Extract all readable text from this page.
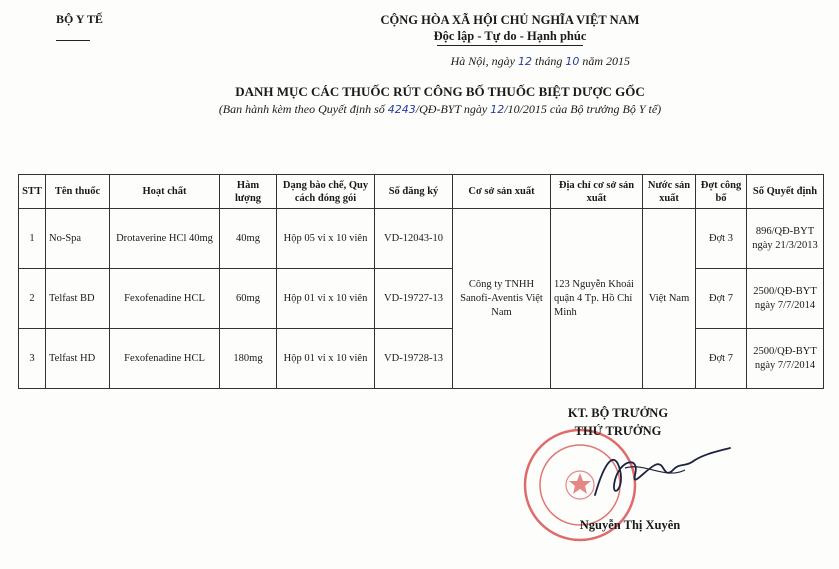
BỘ Y TẾ	CỘNG HÒA XÃ HỘI CHỦ NGHĨA VIỆT NAM
Độc lập - Tự do - Hạnh phúc
Hà Nội, ngày 12 tháng 10 năm 2015
DANH MỤC CÁC THUỐC RÚT CÔNG BỐ THUỐC BIỆT DƯỢC GỐC
(Ban hành kèm theo Quyết định số 4243/QĐ-BYT ngày 12/10/2015 của Bộ trưởng Bộ Y tế)
STT	Tên thuốc	Hoạt chất	Hàm lượng	Dạng bào chế, Quy cách đóng gói	Số đăng ký	Cơ sở sản xuất	Địa chỉ cơ sở sản xuất	Nước sản xuất	Đợt công bố	Số Quyết định
1	No-Spa	Drotaverine HCl 40mg	40mg	Hộp 05 vỉ x 10 viên	VD-12043-10	Công ty TNHH Sanofi-Aventis Việt Nam	123 Nguyễn Khoái quận 4 Tp. Hồ Chí Minh	Việt Nam	Đợt 3	896/QĐ-BYT ngày 21/3/2013
2	Telfast BD	Fexofenadine HCL	60mg	Hộp 01 vỉ x 10 viên	VD-19727-13				Đợt 7	2500/QĐ-BYT ngày 7/7/2014
3	Telfast HD	Fexofenadine HCL	180mg	Hộp 01 vỉ x 10 viên	VD-19728-13				Đợt 7	2500/QĐ-BYT ngày 7/7/2014
KT. BỘ TRƯỞNG
THỨ TRƯỞNG
Nguyễn Thị Xuyên
